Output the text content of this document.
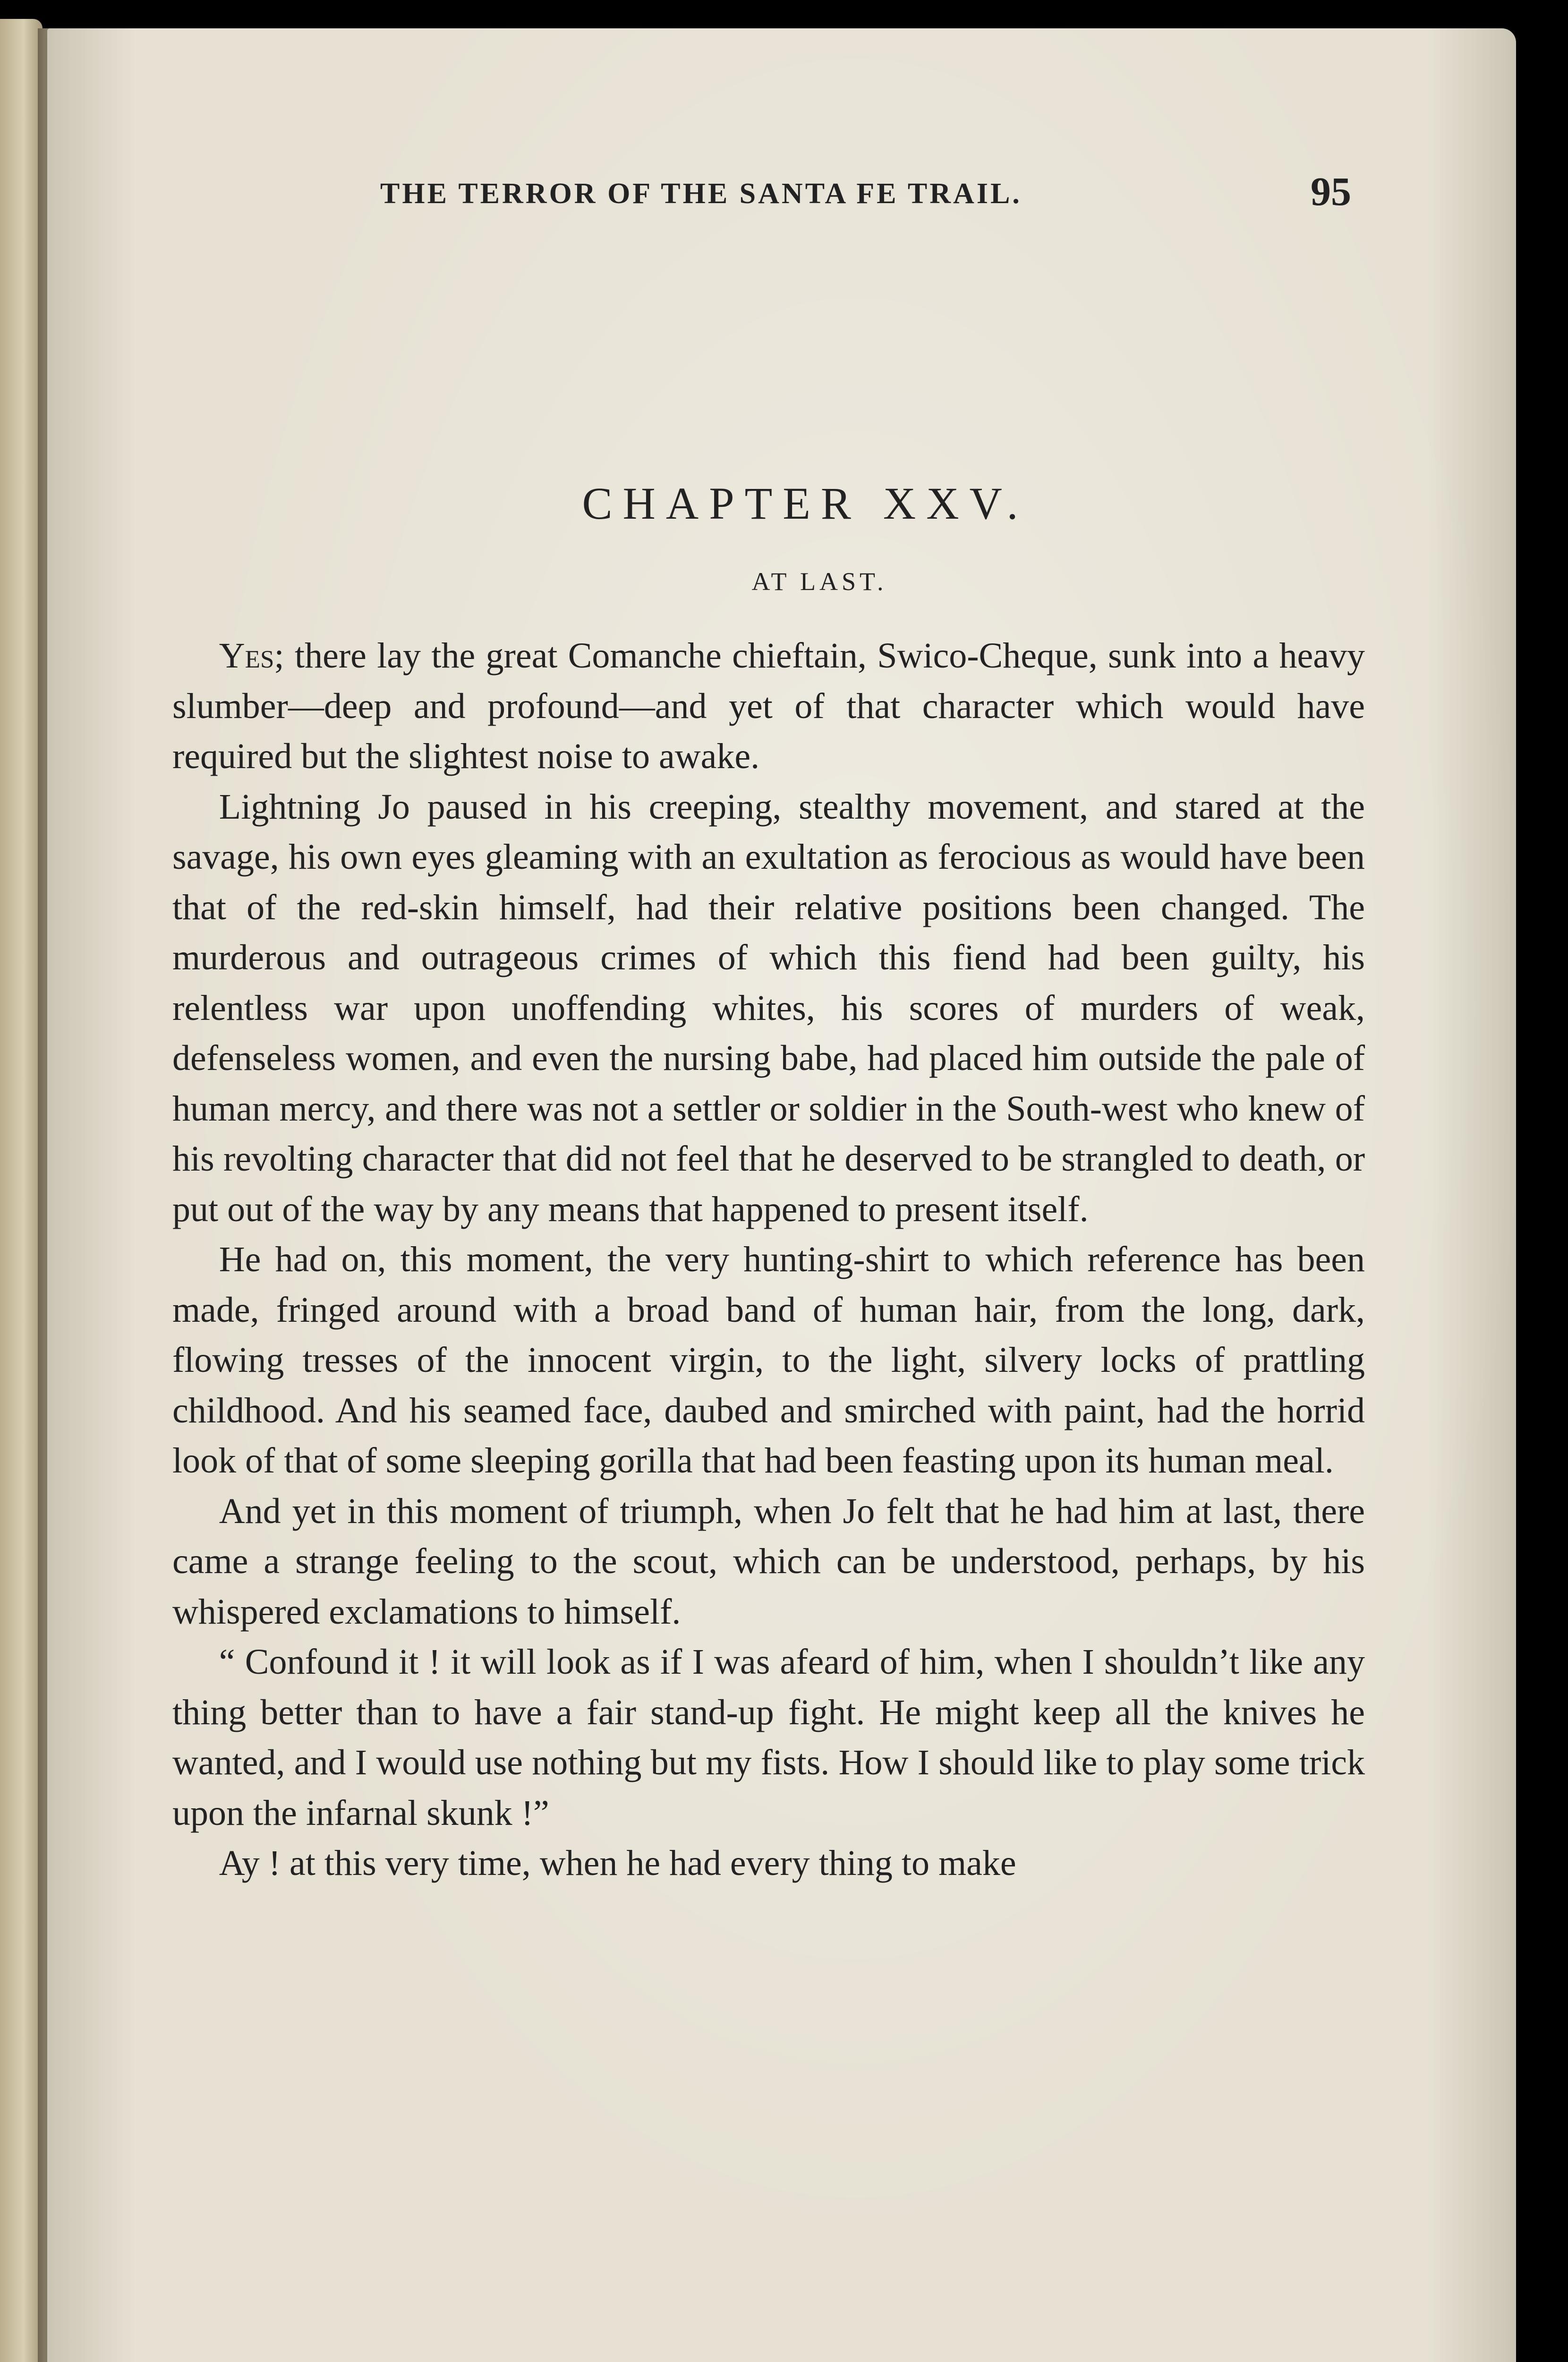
THE TERROR OF THE SANTA FE TRAIL.	95
CHAPTER XXV.
AT LAST.

Yes; there lay the great Comanche chieftain, Swico-Cheque, sunk into a heavy slumber—deep and profound—and yet of that character which would have required but the slightest noise to awake.

Lightning Jo paused in his creeping, stealthy movement, and stared at the savage, his own eyes gleaming with an exultation as ferocious as would have been that of the red-skin himself, had their relative positions been changed. The murderous and outrageous crimes of which this fiend had been guilty, his relentless war upon unoffending whites, his scores of murders of weak, defenseless women, and even the nursing babe, had placed him outside the pale of human mercy, and there was not a settler or soldier in the South-west who knew of his revolting character that did not feel that he deserved to be strangled to death, or put out of the way by any means that happened to present itself.

He had on, this moment, the very hunting-shirt to which reference has been made, fringed around with a broad band of human hair, from the long, dark, flowing tresses of the innocent virgin, to the light, silvery locks of prattling childhood. And his seamed face, daubed and smirched with paint, had the horrid look of that of some sleeping gorilla that had been feasting upon its human meal.

And yet in this moment of triumph, when Jo felt that he had him at last, there came a strange feeling to the scout, which can be understood, perhaps, by his whispered exclamations to himself.

“ Confound it ! it will look as if I was afeard of him, when I shouldn’t like any thing better than to have a fair stand-up fight. He might keep all the knives he wanted, and I would use nothing but my fists. How I should like to play some trick upon the infarnal skunk !”

Ay ! at this very time, when he had every thing to make
